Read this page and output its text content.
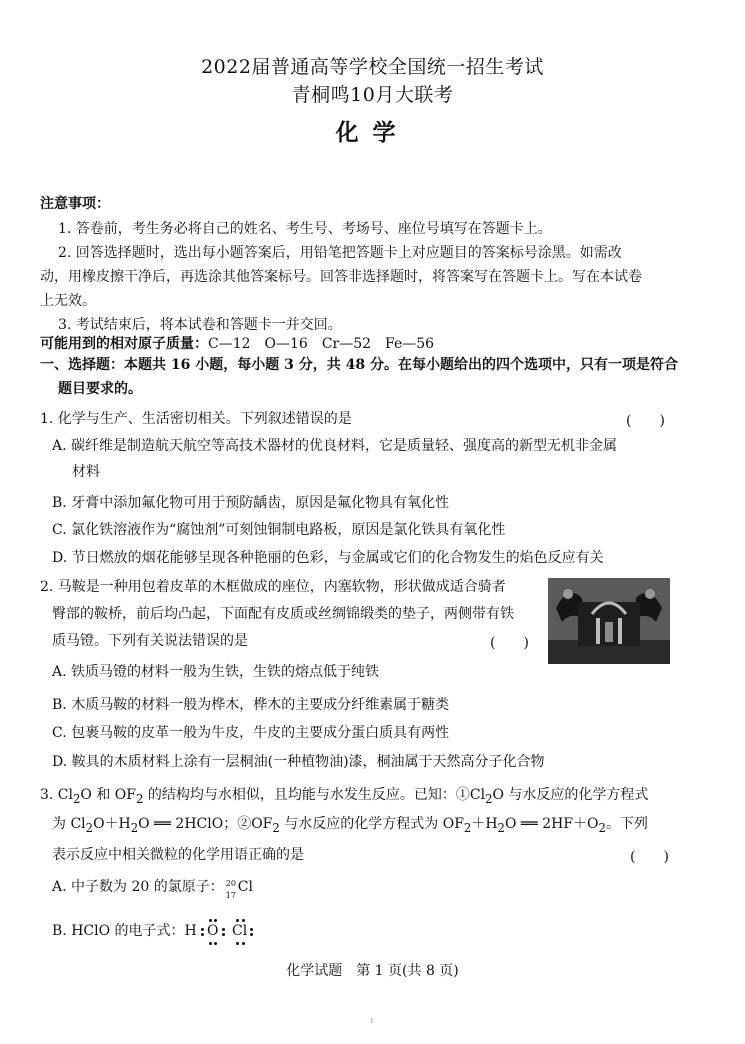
2022届普通高等学校全国统一招生考试
青桐鸣10月大联考
化学
注意事项：
1. 答卷前，考生务必将自己的姓名、考生号、考场号、座位号填写在答题卡上。
2. 回答选择题时，选出每小题答案后，用铅笔把答题卡上对应题目的答案标号涂黑。如需改
动，用橡皮擦干净后，再选涂其他答案标号。回答非选择题时，将答案写在答题卡上。写在本试卷
上无效。
3. 考试结束后，将本试卷和答题卡一并交回。
可能用到的相对原子质量：C—12　O—16　Cr—52　Fe—56
一、选择题：本题共 16 小题，每小题 3 分，共 48 分。在每小题给出的四个选项中，只有一项是符合
题目要求的。
1. 化学与生产、生活密切相关。下列叙述错误的是	(　　)
A. 碳纤维是制造航天航空等高技术器材的优良材料，它是质量轻、强度高的新型无机非金属
材料
B. 牙膏中添加氟化物可用于预防龋齿，原因是氟化物具有氧化性
C. 氯化铁溶液作为“腐蚀剂”可刻蚀铜制电路板，原因是氯化铁具有氧化性
D. 节日燃放的烟花能够呈现各种艳丽的色彩，与金属或它们的化合物发生的焰色反应有关
2. 马鞍是一种用包着皮革的木框做成的座位，内塞软物，形状做成适合骑者
臀部的鞍桥，前后均凸起，下面配有皮质或丝绸锦缎类的垫子，两侧带有铁
质马镫。下列有关说法错误的是	(　　)
A. 铁质马镫的材料一般为生铁，生铁的熔点低于纯铁
B. 木质马鞍的材料一般为桦木，桦木的主要成分纤维素属于糖类
C. 包裹马鞍的皮革一般为牛皮，牛皮的主要成分蛋白质具有两性
D. 鞍具的木质材料上涂有一层桐油(一种植物油)漆，桐油属于天然高分子化合物
3. $Cl_2O$ 和 $OF_2$ 的结构均与水相似，且均能与水发生反应。已知：$①Cl_2O$ 与水反应的化学方程式
为 $Cl_2O+H_2O$ ══ 2HClO；$②OF_2$ 与水反应的化学方程式为 $OF_2+H_2O$ ══ $2HF+O_2$。下列
表示反应中相关微粒的化学用语正确的是	(　　)
A. 中子数为 20 的氯原子： 20
17
Cl
B. HClO 的电子式：H O Cl
化学试题　第 1 页(共 8 页)
1
